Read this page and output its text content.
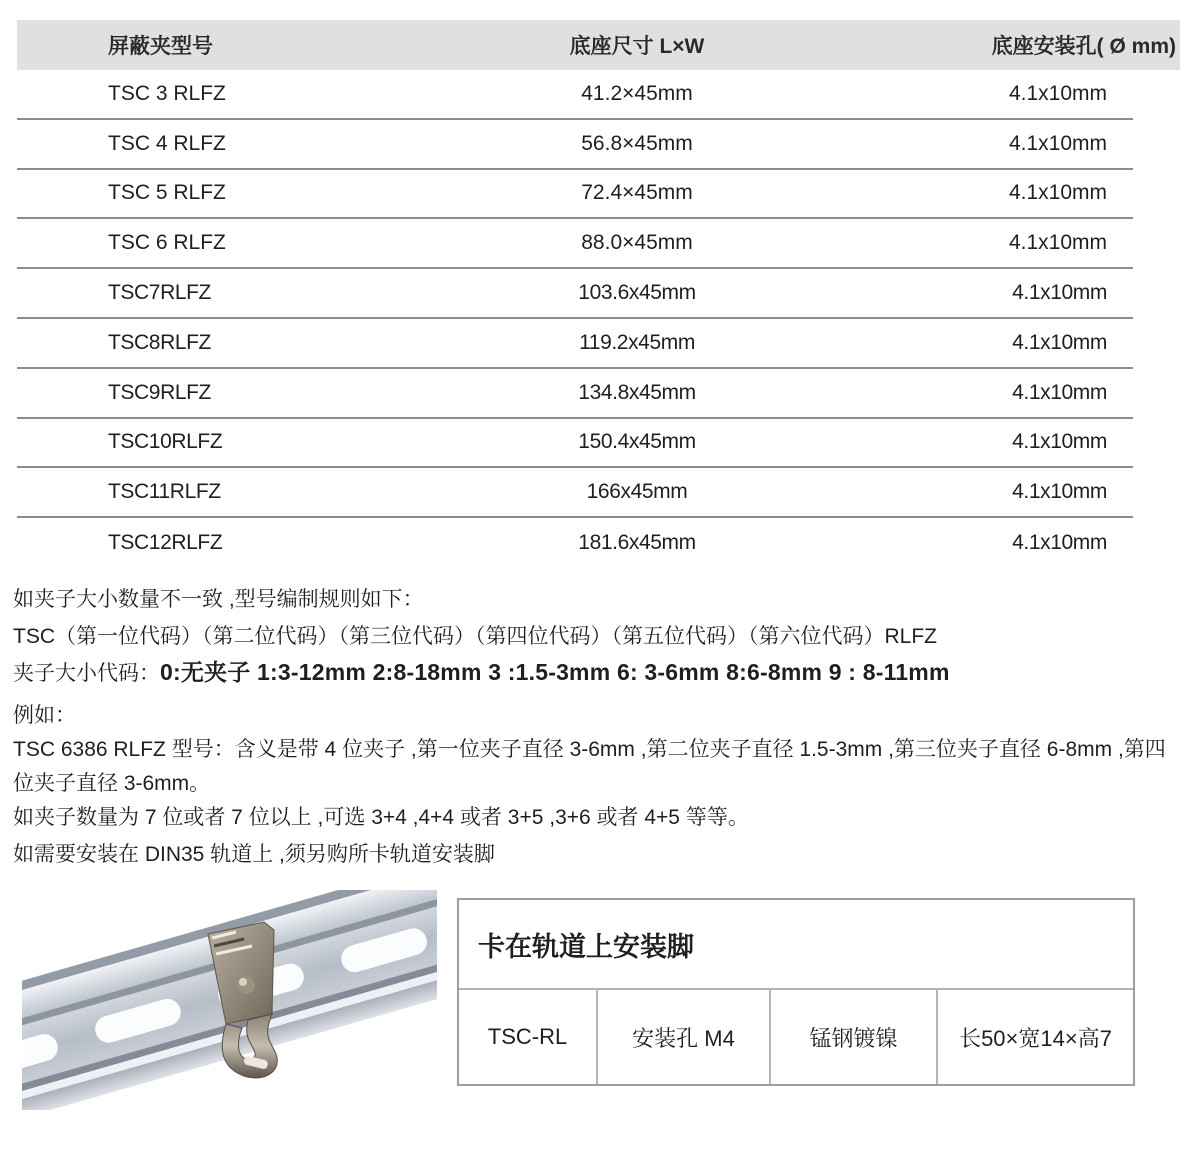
屏蔽夹型号	底座尺寸 L×W	底座安装孔( Ø mm)
TSC 3 RLFZ	41.2×45mm	4.1x10mm
TSC 4 RLFZ	56.8×45mm	4.1x10mm
TSC 5 RLFZ	72.4×45mm	4.1x10mm
TSC 6 RLFZ	88.0×45mm	4.1x10mm
TSC7RLFZ	103.6x45mm	4.1x10mm
TSC8RLFZ	119.2x45mm	4.1x10mm
TSC9RLFZ	134.8x45mm	4.1x10mm
TSC10RLFZ	150.4x45mm	4.1x10mm
TSC11RLFZ	166x45mm	4.1x10mm
TSC12RLFZ	181.6x45mm	4.1x10mm

如夹子大小数量不一致 ,型号编制规则如下：

TSC（第一位代码）（第二位代码）（第三位代码）（第四位代码）（第五位代码）（第六位代码）RLFZ

夹子大小代码：0:无夹子 1:3-12mm 2:8-18mm 3 :1.5-3mm 6: 3-6mm 8:6-8mm 9 : 8-11mm

例如：

TSC 6386 RLFZ 型号：含义是带 4 位夹子 ,第一位夹子直径 3-6mm ,第二位夹子直径 1.5-3mm ,第三位夹子直径 6-8mm ,第四

位夹子直径 3-6mm。

如夹子数量为 7 位或者 7 位以上 ,可选 3+4 ,4+4 或者 3+5 ,3+6 或者 4+5 等等。

如需要安装在 DIN35 轨道上 ,须另购所卡轨道安装脚

卡在轨道上安装脚
TSC-RL	安装孔 M4	锰钢镀镍	长50×宽14×高7
